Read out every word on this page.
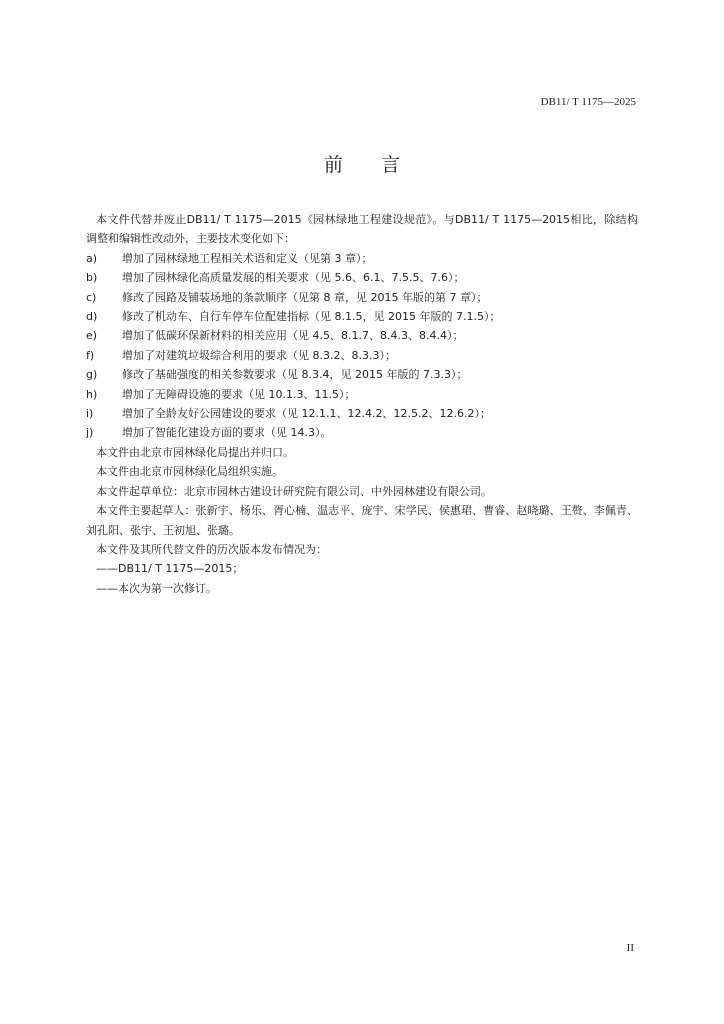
DB11/ T 1175—2025
前言
本文件代替并废止DB11/ T 1175—2015《园林绿地工程建设规范》。与DB11/ T 1175—2015相比，除结构调整和编辑性改动外，主要技术变化如下：
a) 增加了园林绿地工程相关术语和定义（见第 3 章）；
b) 增加了园林绿化高质量发展的相关要求（见 5.6、6.1、7.5.5、7.6）；
c) 修改了园路及铺装场地的条款顺序（见第 8 章，见 2015 年版的第 7 章）；
d) 修改了机动车、自行车停车位配建指标（见 8.1.5，见 2015 年版的 7.1.5）；
e) 增加了低碳环保新材料的相关应用（见 4.5、8.1.7、8.4.3、8.4.4）；
f)	增加了对建筑垃圾综合利用的要求（见 8.3.2、8.3.3）；
g) 修改了基础强度的相关参数要求（见 8.3.4，见 2015 年版的 7.3.3）；
h) 增加了无障碍设施的要求（见 10.1.3、11.5）；
i)	增加了全龄友好公园建设的要求（见 12.1.1、12.4.2、12.5.2、12.6.2）；
j)	增加了智能化建设方面的要求（见 14.3）。
本文件由北京市园林绿化局提出并归口。
本文件由北京市园林绿化局组织实施。
本文件起草单位：北京市园林古建设计研究院有限公司、中外园林建设有限公司。
本文件主要起草人：张新宇、杨乐、胥心楠、温志平、庞宇、宋学民、侯惠珺、曹睿、赵晓璐、王赘、李佩青、刘孔阳、张宇、王初旭、张璐。
本文件及其所代替文件的历次版本发布情况为：
——DB11/ T 1175—2015；
——本次为第一次修订。
II
